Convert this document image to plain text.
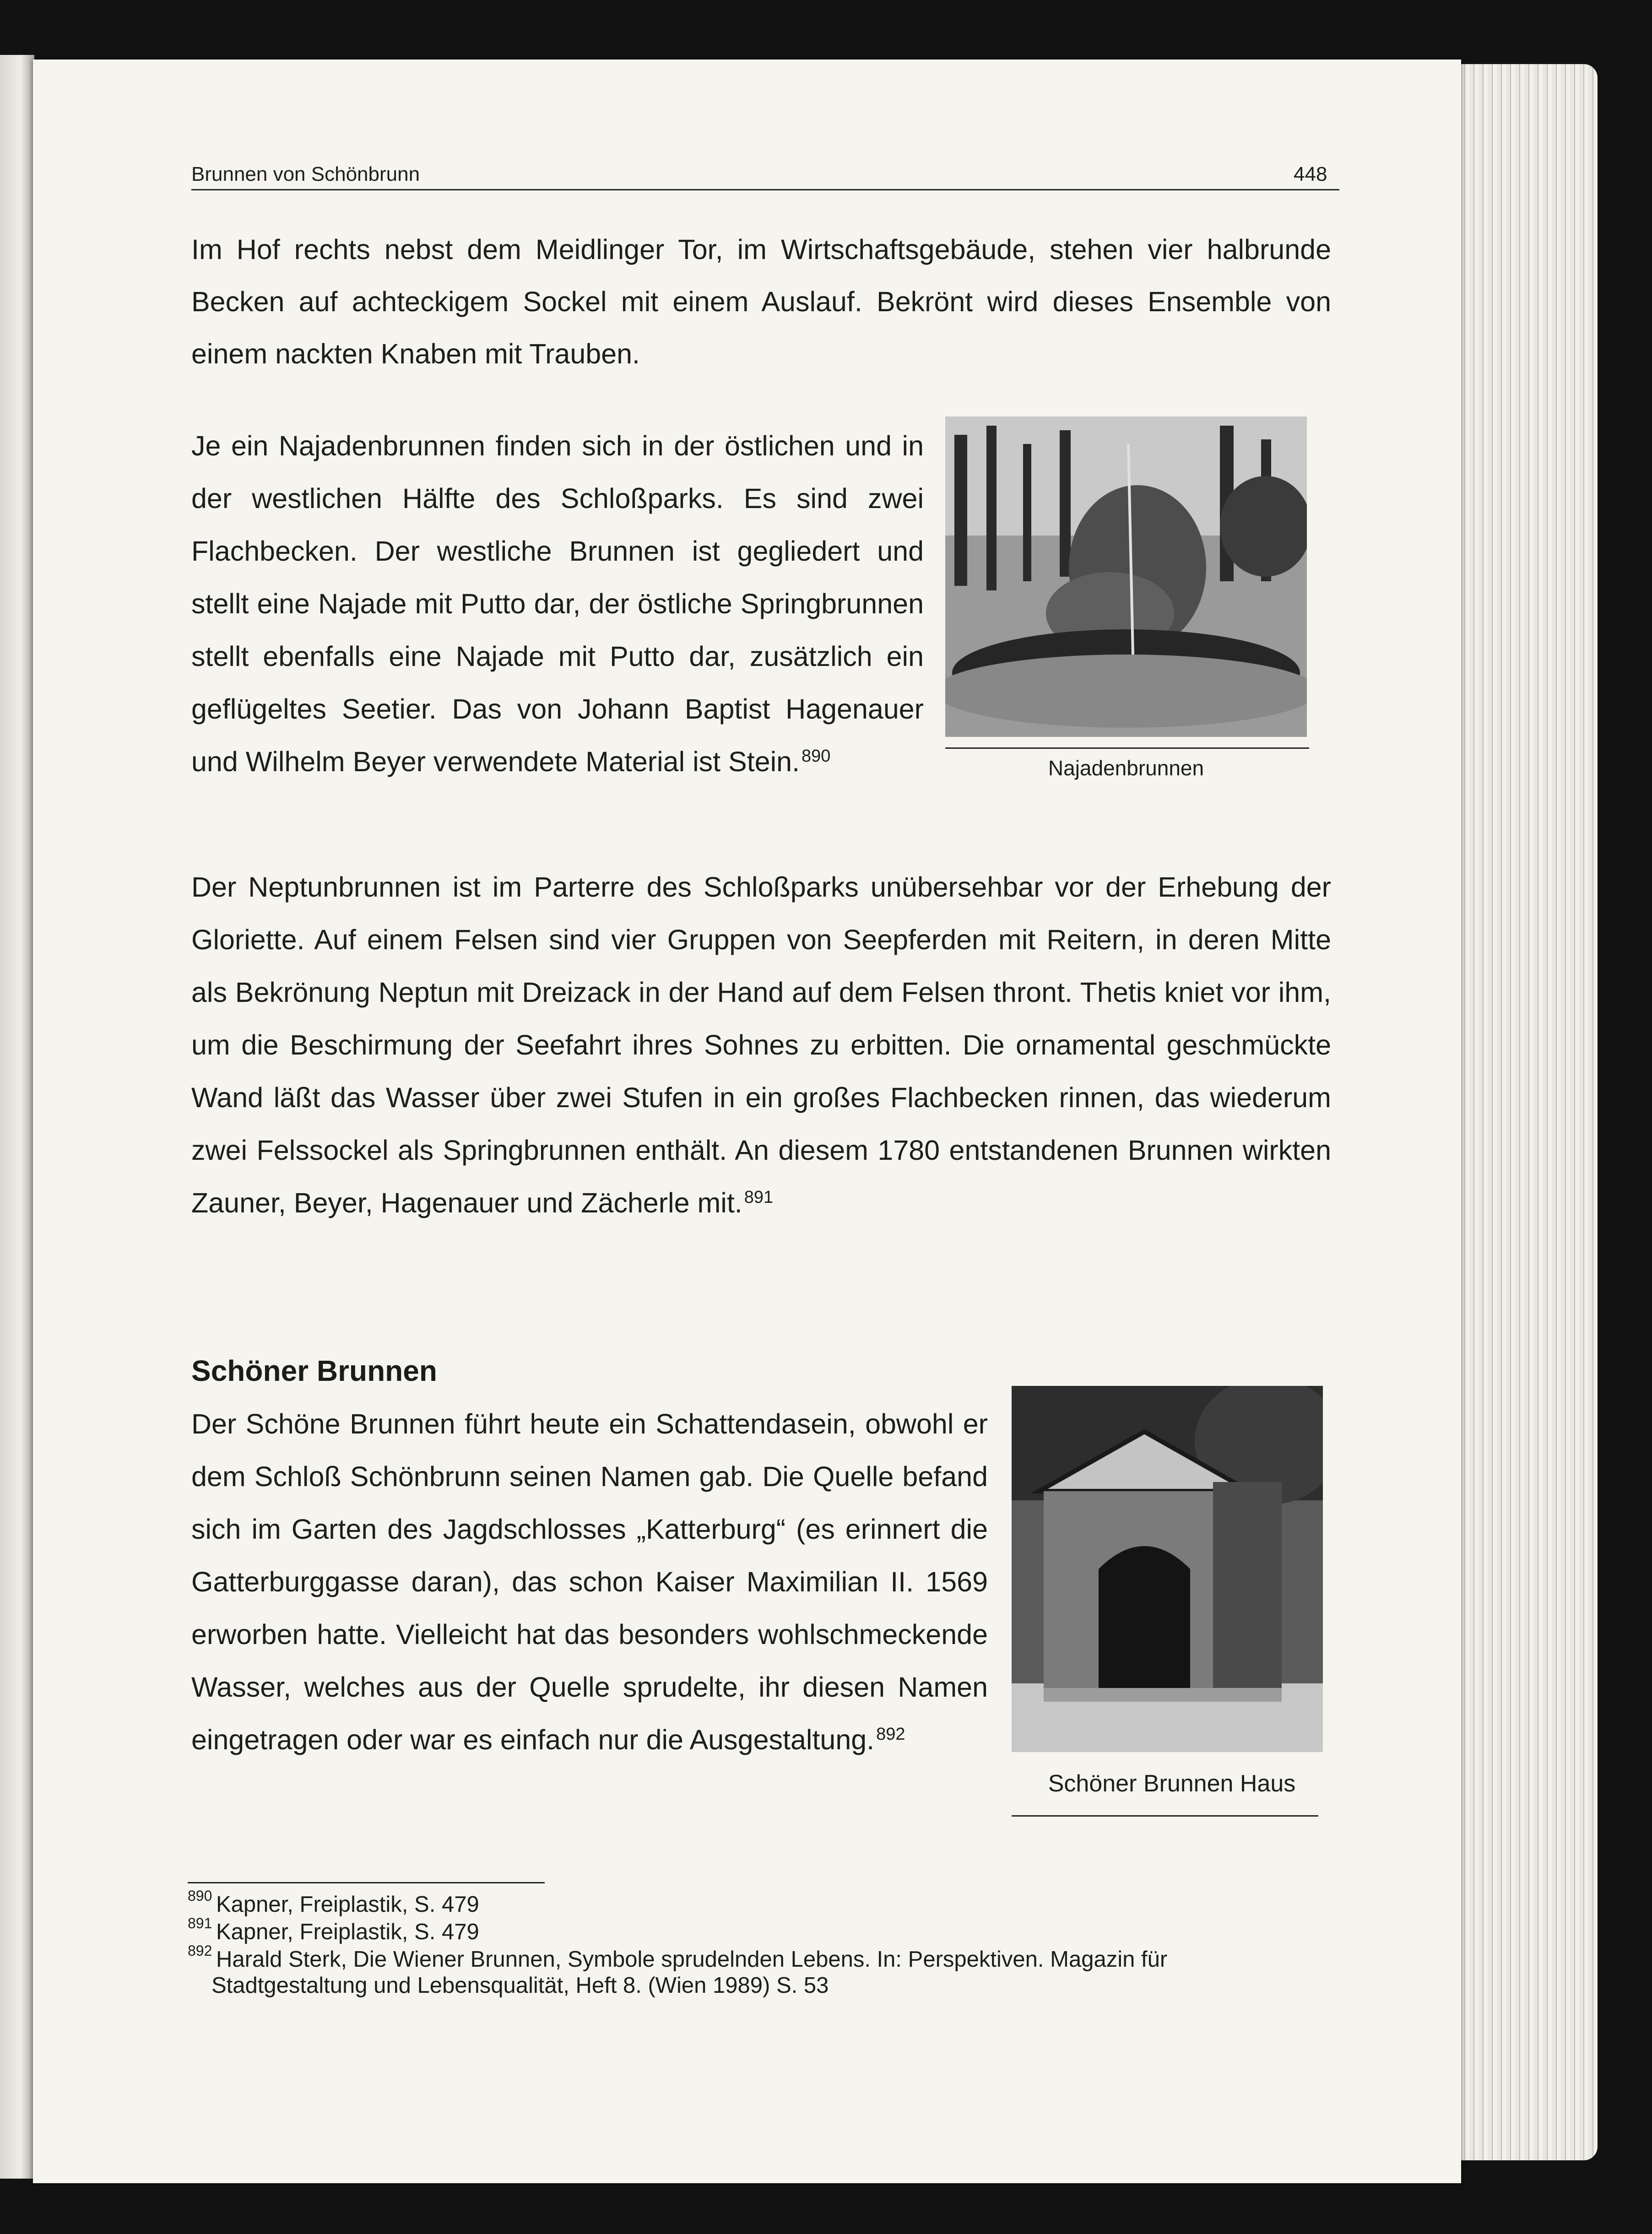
Brunnen von Schönbrunn	448

Im Hof rechts nebst dem Meidlinger Tor, im Wirtschaftsgebäude, stehen vier halbrunde Becken auf achteckigem Sockel mit einem Auslauf. Bekrönt wird dieses Ensemble von einem nackten Knaben mit Trauben.

Je ein Najadenbrunnen finden sich in der östlichen und in der westlichen Hälfte des Schloßparks. Es sind zwei Flachbecken. Der westliche Brunnen ist gegliedert und stellt eine Najade mit Putto dar, der östliche Springbrunnen stellt ebenfalls eine Najade mit Putto dar, zusätzlich ein geflügeltes Seetier. Das von Johann Baptist Hagenauer und Wilhelm Beyer verwendete Material ist Stein. $^{890}$	Najadenbrunnen

Der Neptunbrunnen ist im Parterre des Schloßparks unübersehbar vor der Erhebung der Gloriette. Auf einem Felsen sind vier Gruppen von Seepferden mit Reitern, in deren Mitte als Bekrönung Neptun mit Dreizack in der Hand auf dem Felsen thront. Thetis kniet vor ihm, um die Beschirmung der Seefahrt ihres Sohnes zu erbitten. Die ornamental geschmückte Wand läßt das Wasser über zwei Stufen in ein großes Flachbecken rinnen, das wiederum zwei Felssockel als Springbrunnen enthält. An diesem 1780 entstandenen Brunnen wirkten Zauner, Beyer, Hagenauer und Zächerle mit. $^{891}$

Schöner Brunnen

Der Schöne Brunnen führt heute ein Schattendasein, obwohl er dem Schloß Schönbrunn seinen Namen gab. Die Quelle befand sich im Garten des Jagdschlosses „Katterburg“ (es erinnert die Gatterburggasse daran), das schon Kaiser Maximilian II. 1569 erworben hatte. Vielleicht hat das besonders wohlschmeckende Wasser, welches aus der Quelle sprudelte, ihr diesen Namen eingetragen oder war es einfach nur die Ausgestaltung. $^{892}$

Schöner Brunnen Haus
890 Kapner, Freiplastik, S. 479
891 Kapner, Freiplastik, S. 479
892 Harald Sterk, Die Wiener Brunnen, Symbole sprudelnden Lebens. In: Perspektiven. Magazin für
Stadtgestaltung und Lebensqualität, Heft 8. (Wien 1989) S. 53
